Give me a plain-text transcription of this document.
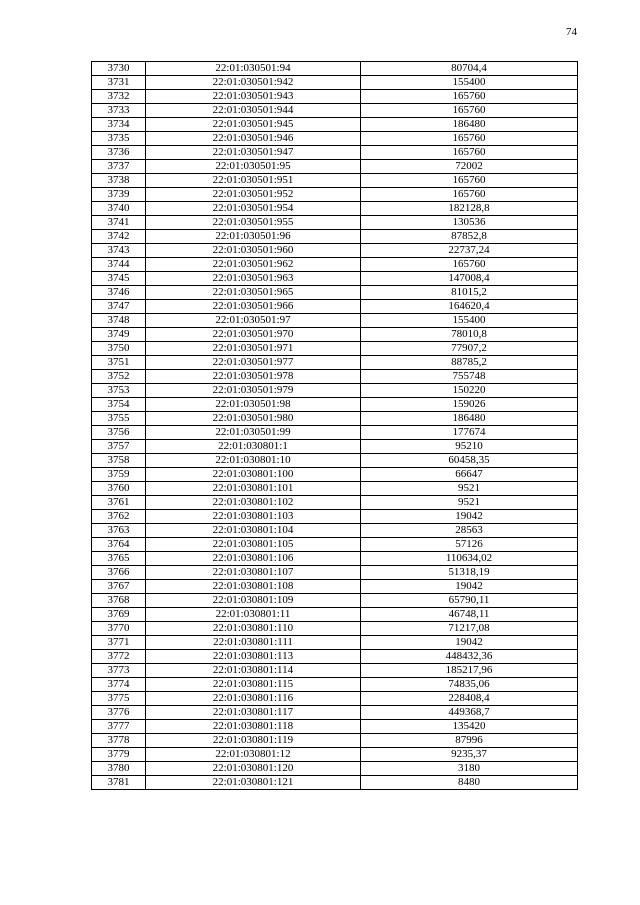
74
3730	22:01:030501:94	80704,4
3731	22:01:030501:942	155400
3732	22:01:030501:943	165760
3733	22:01:030501:944	165760
3734	22:01:030501:945	186480
3735	22:01:030501:946	165760
3736	22:01:030501:947	165760
3737	22:01:030501:95	72002
3738	22:01:030501:951	165760
3739	22:01:030501:952	165760
3740	22:01:030501:954	182128,8
3741	22:01:030501:955	130536
3742	22:01:030501:96	87852,8
3743	22:01:030501:960	22737,24
3744	22:01:030501:962	165760
3745	22:01:030501:963	147008,4
3746	22:01:030501:965	81015,2
3747	22:01:030501:966	164620,4
3748	22:01:030501:97	155400
3749	22:01:030501:970	78010,8
3750	22:01:030501:971	77907,2
3751	22:01:030501:977	88785,2
3752	22:01:030501:978	755748
3753	22:01:030501:979	150220
3754	22:01:030501:98	159026
3755	22:01:030501:980	186480
3756	22:01:030501:99	177674
3757	22:01:030801:1	95210
3758	22:01:030801:10	60458,35
3759	22:01:030801:100	66647
3760	22:01:030801:101	9521
3761	22:01:030801:102	9521
3762	22:01:030801:103	19042
3763	22:01:030801:104	28563
3764	22:01:030801:105	57126
3765	22:01:030801:106	110634,02
3766	22:01:030801:107	51318,19
3767	22:01:030801:108	19042
3768	22:01:030801:109	65790,11
3769	22:01:030801:11	46748,11
3770	22:01:030801:110	71217,08
3771	22:01:030801:111	19042
3772	22:01:030801:113	448432,36
3773	22:01:030801:114	185217,96
3774	22:01:030801:115	74835,06
3775	22:01:030801:116	228408,4
3776	22:01:030801:117	449368,7
3777	22:01:030801:118	135420
3778	22:01:030801:119	87996
3779	22:01:030801:12	9235,37
3780	22:01:030801:120	3180
3781	22:01:030801:121	8480
